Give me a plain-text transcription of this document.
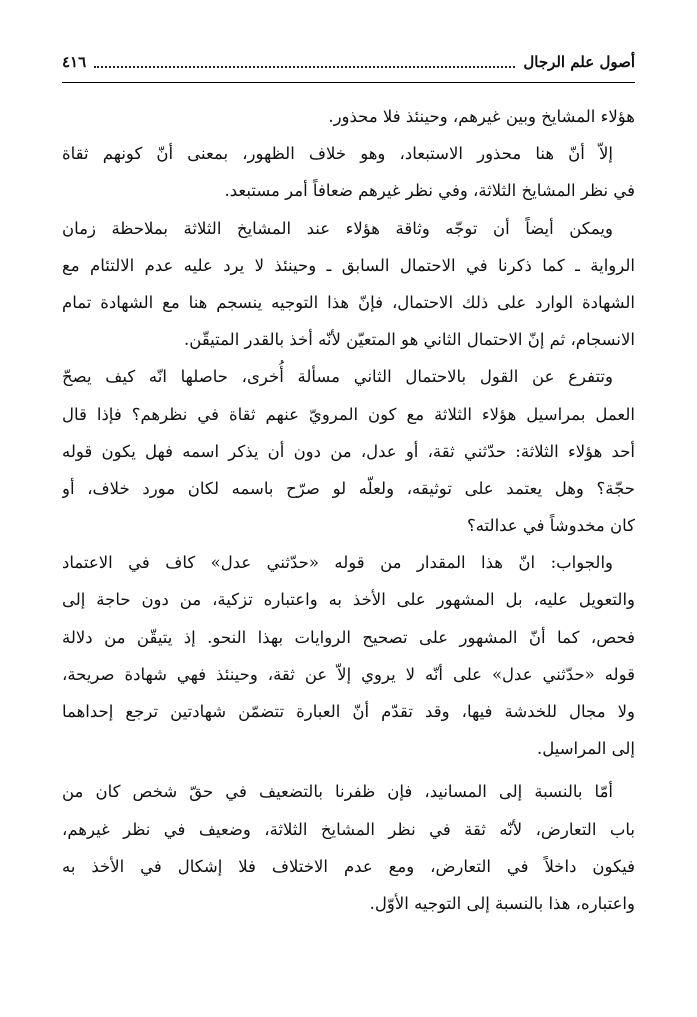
أصول علم الرجال
٤١٦
هؤلاء المشايخ وبين غيرهم، وحينئذ فلا محذور.
إلاّ أنّ هنا محذور الاستبعاد، وهو خلاف الظهور، بمعنى أنّ كونهم ثقاة
في نظر المشايخ الثلاثة، وفي نظر غيرهم ضعافاً أمر مستبعد.
ويمكن أيضاً أن توجّه وثاقة هؤلاء عند المشايخ الثلاثة بملاحظة زمان
الرواية ـ كما ذكرنا في الاحتمال السابق ـ وحينئذ لا يرد عليه عدم الالتئام مع
الشهادة الوارد على ذلك الاحتمال، فإنّ هذا التوجيه ينسجم هنا مع الشهادة تمام
الانسجام، ثم إنّ الاحتمال الثاني هو المتعيّن لأنّه أخذ بالقدر المتيقّن.
وتتفرع عن القول بالاحتمال الثاني مسألة أُخرى، حاصلها انّه كيف يصحّ
العمل بمراسيل هؤلاء الثلاثة مع كون المرويّ عنهم ثقاة في نظرهم؟ فإذا قال
أحد هؤلاء الثلاثة: حدّثني ثقة، أو عدل، من دون أن يذكر اسمه فهل يكون قوله
حجّة؟ وهل يعتمد على توثيقه، ولعلّه لو صرّح باسمه لكان مورد خلاف، أو
كان مخدوشاً في عدالته؟
والجواب: انّ هذا المقدار من قوله «حدّثني عدل» كاف في الاعتماد
والتعويل عليه، بل المشهور على الأخذ به واعتباره تزكية، من دون حاجة إلى
فحص، كما أنّ المشهور على تصحيح الروايات بهذا النحو. إذ يتيقّن من دلالة
قوله «حدّثني عدل» على أنّه لا يروي إلاّ عن ثقة، وحينئذ فهي شهادة صريحة،
ولا مجال للخدشة فيها، وقد تقدّم أنّ العبارة تتضمّن شهادتين ترجع إحداهما
إلى المراسيل.
أمّا بالنسبة إلى المسانيد، فإن ظفرنا بالتضعيف في حقّ شخص كان من
باب التعارض، لأنّه ثقة في نظر المشايخ الثلاثة، وضعيف في نظر غيرهم،
فيكون داخلاً في التعارض، ومع عدم الاختلاف فلا إشكال في الأخذ به
واعتباره، هذا بالنسبة إلى التوجيه الأوّل.
